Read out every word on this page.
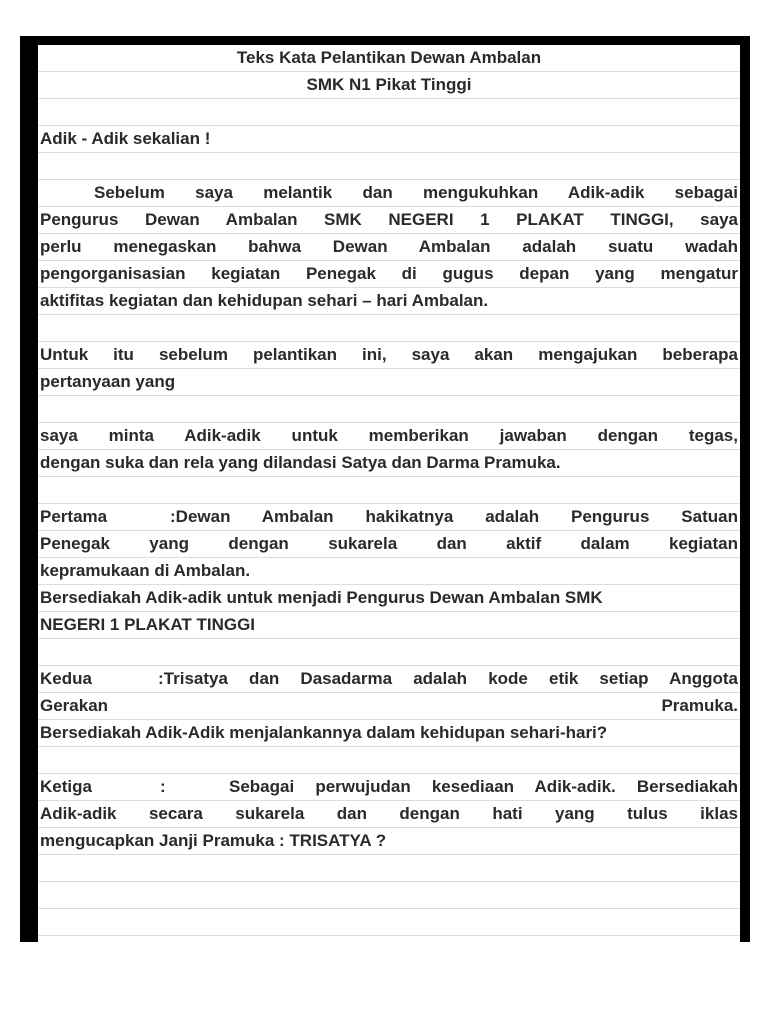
Teks Kata Pelantikan Dewan Ambalan
SMK N1 Pikat Tinggi
Adik - Adik sekalian !
Sebelum saya melantik dan mengukuhkan Adik-adik sebagai
Pengurus Dewan Ambalan SMK NEGERI 1 PLAKAT TINGGI, saya
perlu menegaskan bahwa Dewan Ambalan adalah suatu wadah
pengorganisasian kegiatan Penegak di gugus depan yang mengatur
aktifitas kegiatan dan kehidupan sehari – hari Ambalan.
Untuk itu sebelum pelantikan ini, saya akan mengajukan beberapa
pertanyaan yang
saya minta Adik-adik untuk memberikan jawaban dengan tegas,
dengan suka dan rela yang dilandasi Satya dan Darma Pramuka.
Pertama	:Dewan Ambalan hakikatnya adalah Pengurus Satuan
Penegak yang dengan sukarela dan aktif dalam kegiatan
kepramukaan di Ambalan.
Bersediakah Adik-adik untuk menjadi Pengurus Dewan Ambalan SMK
NEGERI 1 PLAKAT TINGGI
Kedua	:Trisatya dan Dasadarma adalah kode etik setiap Anggota
Gerakan	Pramuka.
Bersediakah Adik-Adik menjalankannya dalam kehidupan sehari-hari?
Ketiga	:   Sebagai perwujudan kesediaan Adik-adik. Bersediakah
Adik-adik secara sukarela dan dengan hati yang tulus iklas
mengucapkan Janji Pramuka : TRISATYA ?
